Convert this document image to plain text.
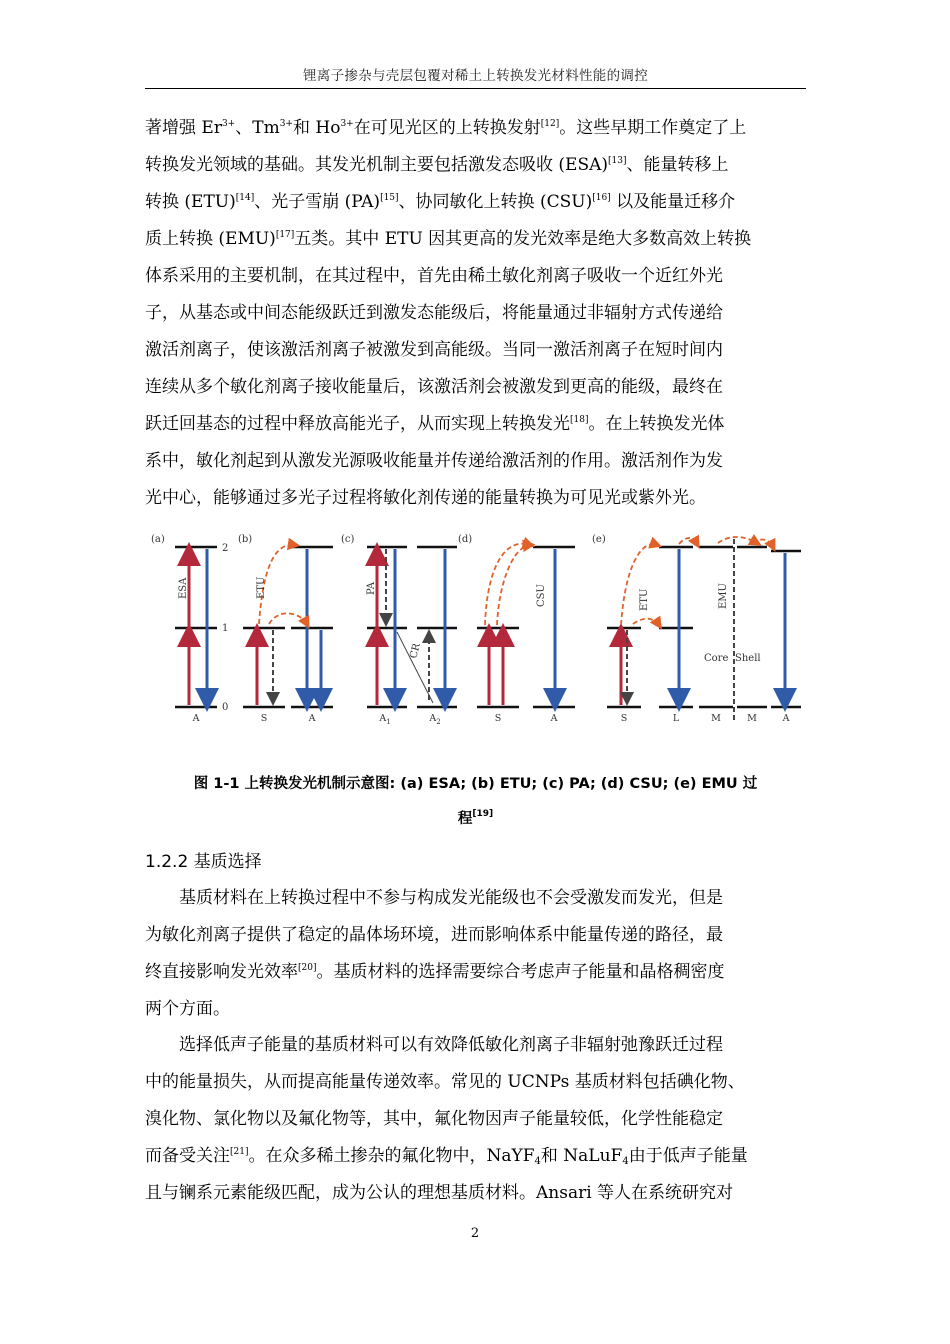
锂离子掺杂与壳层包覆对稀土上转换发光材料性能的调控
著增强 $Er^{3+}$、$Tm^{3+}$和 $Ho^{3+}$在可见光区的上转换发射[12]。这些早期工作奠定了上
转换发光领域的基础。其发光机制主要包括激发态吸收 (ESA)[13]、能量转移上
转换 (ETU)[14]、光子雪崩 (PA)[15]、协同敏化上转换 (CSU)[16] 以及能量迁移介
质上转换 (EMU)[17]五类。其中 ETU 因其更高的发光效率是绝大多数高效上转换
体系采用的主要机制，在其过程中，首先由稀土敏化剂离子吸收一个近红外光
子，从基态或中间态能级跃迁到激发态能级后，将能量通过非辐射方式传递给
激活剂离子，使该激活剂离子被激发到高能级。当同一激活剂离子在短时间内
连续从多个敏化剂离子接收能量后，该激活剂会被激发到更高的能级，最终在
跃迁回基态的过程中释放高能光子，从而实现上转换发光[18]。在上转换发光体
系中，敏化剂起到从激发光源吸收能量并传递给激活剂的作用。激活剂作为发
光中心，能够通过多光子过程将敏化剂传递的能量转换为可见光或紫外光。
(a)	(b)	(c)	(d)	(e)
2
1
0
ESA	ETU	PA
CR
CSU	ETU	EMU
Core Shell
A	S	A	$A_1$	$A_2$	S	A	S	L	M	M	A
图 1-1 上转换发光机制示意图: (a) ESA; (b) ETU; (c) PA; (d) CSU; (e) EMU 过
程[19]
1.2.2 基质选择
基质材料在上转换过程中不参与构成发光能级也不会受激发而发光，但是
为敏化剂离子提供了稳定的晶体场环境，进而影响体系中能量传递的路径，最
终直接影响发光效率[20]。基质材料的选择需要综合考虑声子能量和晶格稠密度
两个方面。
选择低声子能量的基质材料可以有效降低敏化剂离子非辐射弛豫跃迁过程
中的能量损失，从而提高能量传递效率。常见的 UCNPs 基质材料包括碘化物、
溴化物、氯化物以及氟化物等，其中，氟化物因声子能量较低，化学性能稳定
而备受关注[21]。在众多稀土掺杂的氟化物中，NaYF$_4$和 NaLuF$_4$由于低声子能量
且与镧系元素能级匹配，成为公认的理想基质材料。Ansari 等人在系统研究对
2
